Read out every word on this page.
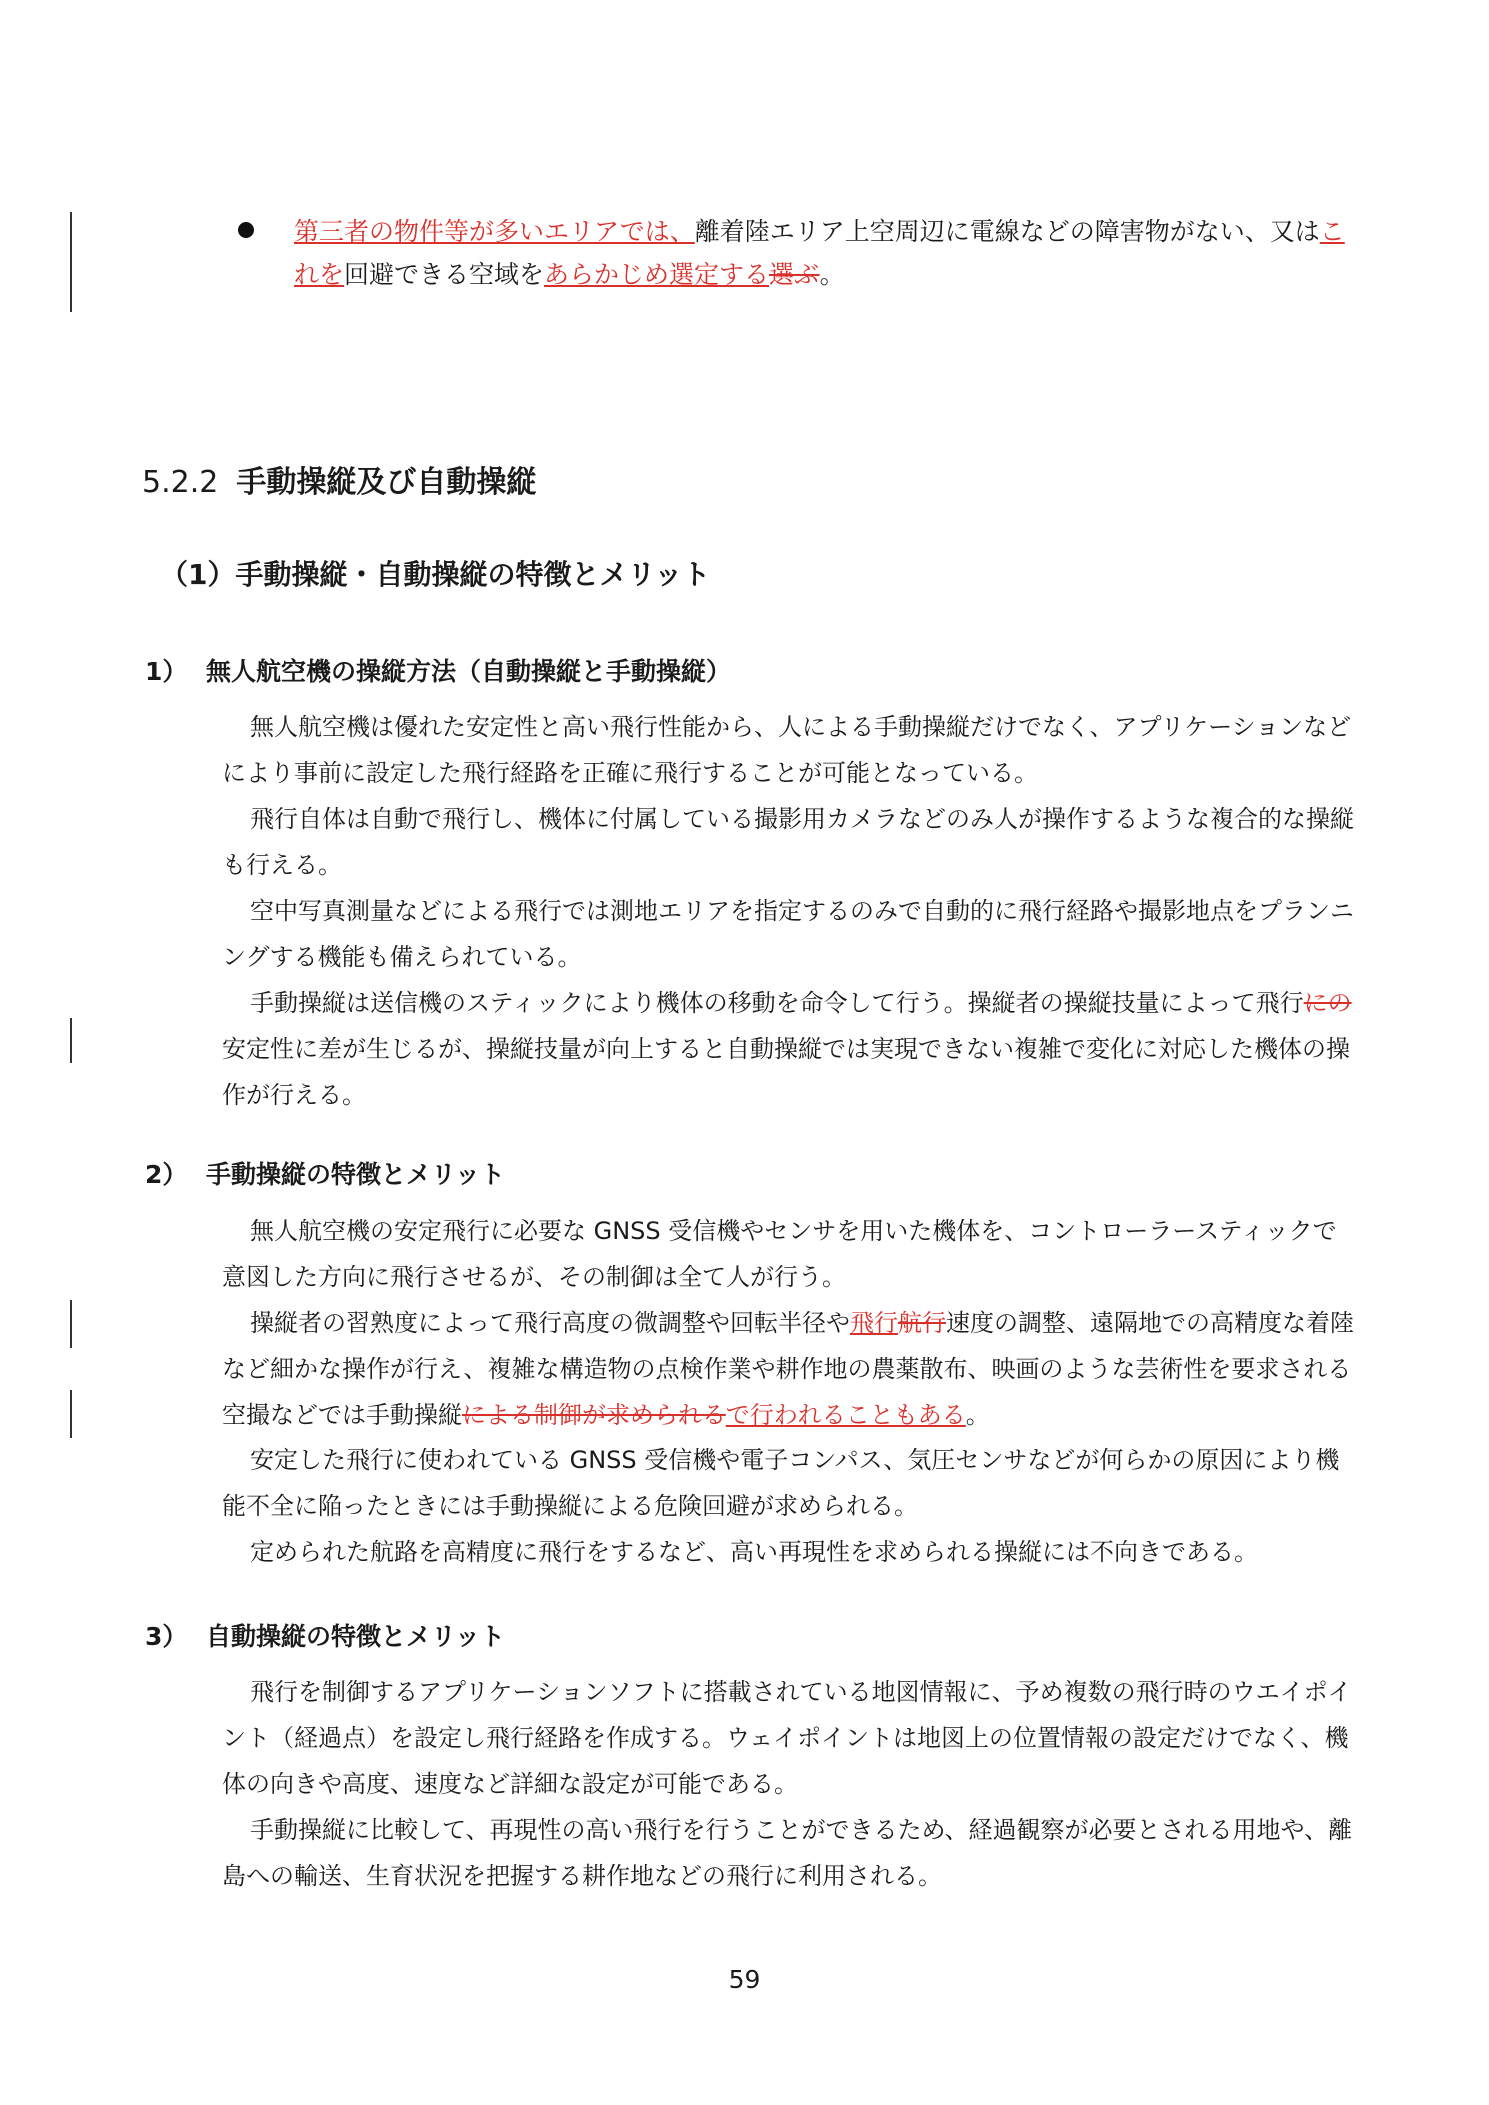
第三者の物件等が多いエリアでは、離着陸エリア上空周辺に電線などの障害物がない、又はこれを回避できる空域をあらかじめ選定する選ぶ。
5.2.2 手動操縦及び自動操縦
（1）手動操縦・自動操縦の特徴とメリット
1） 無人航空機の操縦方法（自動操縦と手動操縦）

無人航空機は優れた安定性と高い飛行性能から、人による手動操縦だけでなく、アプリケーションなどにより事前に設定した飛行経路を正確に飛行することが可能となっている。

飛行自体は自動で飛行し、機体に付属している撮影用カメラなどのみ人が操作するような複合的な操縦も行える。

空中写真測量などによる飛行では測地エリアを指定するのみで自動的に飛行経路や撮影地点をプランニングする機能も備えられている。

手動操縦は送信機のスティックにより機体の移動を命令して行う。操縦者の操縦技量によって飛行にの安定性に差が生じるが、操縦技量が向上すると自動操縦では実現できない複雑で変化に対応した機体の操作が行える。

2） 手動操縦の特徴とメリット

無人航空機の安定飛行に必要な GNSS 受信機やセンサを用いた機体を、コントローラースティックで意図した方向に飛行させるが、その制御は全て人が行う。

操縦者の習熟度によって飛行高度の微調整や回転半径や飛行航行速度の調整、遠隔地での高精度な着陸など細かな操作が行え、複雑な構造物の点検作業や耕作地の農薬散布、映画のような芸術性を要求される空撮などでは手動操縦による制御が求められるで行われることもある。

安定した飛行に使われている GNSS 受信機や電子コンパス、気圧センサなどが何らかの原因により機能不全に陥ったときには手動操縦による危険回避が求められる。

定められた航路を高精度に飛行をするなど、高い再現性を求められる操縦には不向きである。

3） 自動操縦の特徴とメリット

飛行を制御するアプリケーションソフトに搭載されている地図情報に、予め複数の飛行時のウエイポイント（経過点）を設定し飛行経路を作成する。ウェイポイントは地図上の位置情報の設定だけでなく、機体の向きや高度、速度など詳細な設定が可能である。

手動操縦に比較して、再現性の高い飛行を行うことができるため、経過観察が必要とされる用地や、離島への輸送、生育状況を把握する耕作地などの飛行に利用される。

59
